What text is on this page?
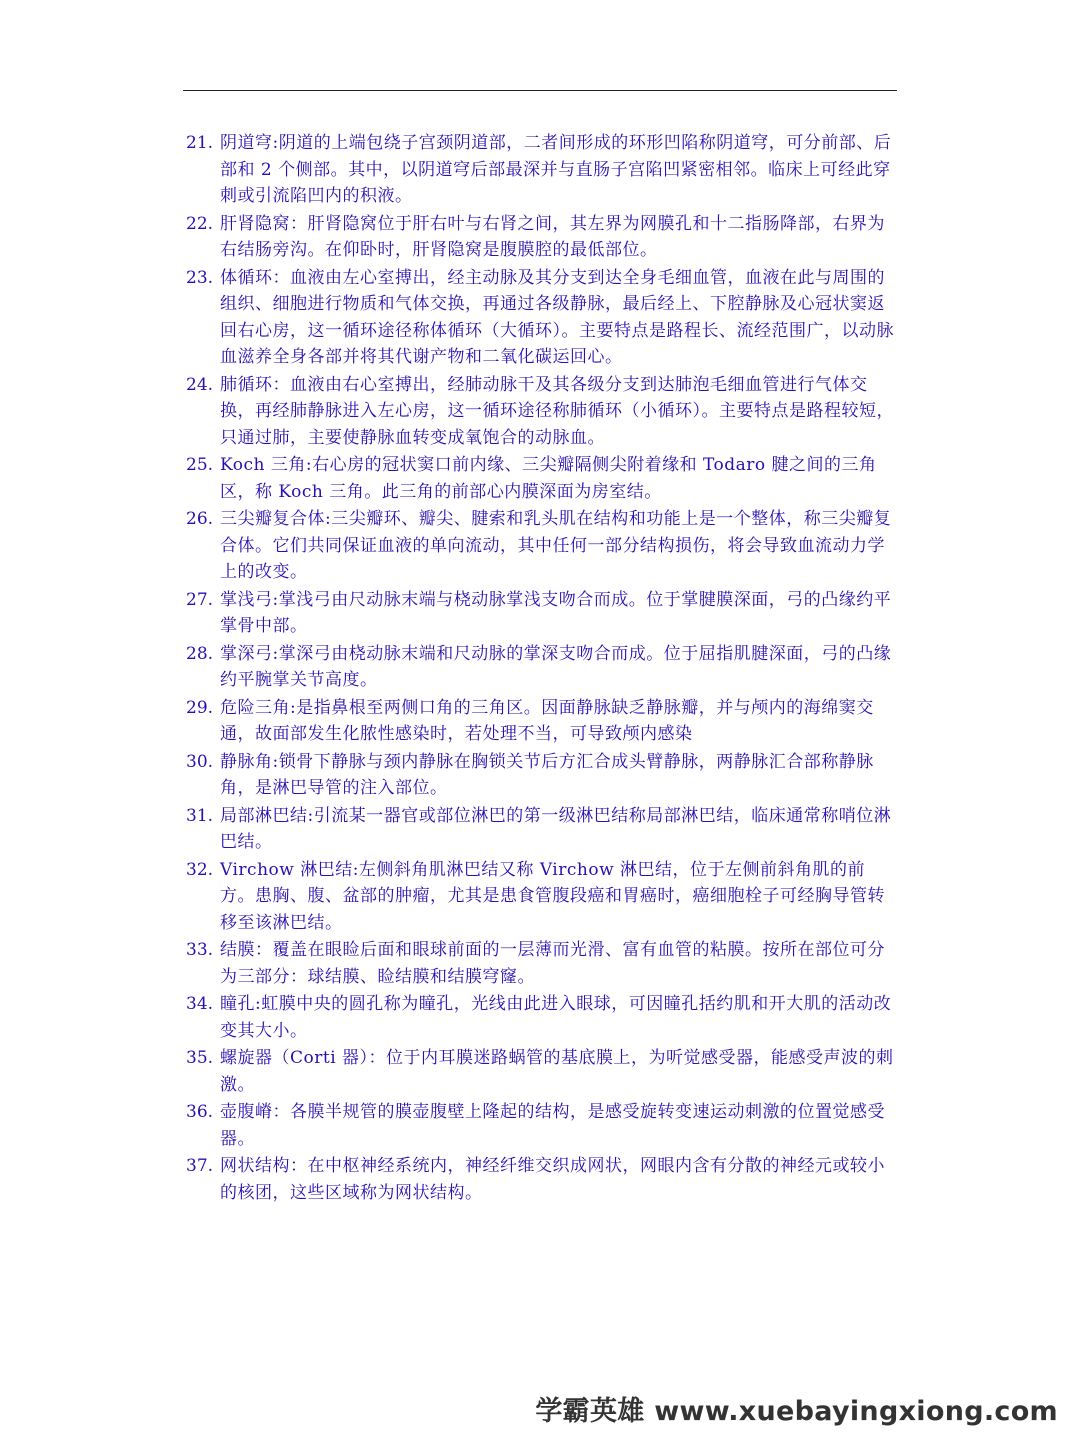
21. 阴道穹:阴道的上端包绕子宫颈阴道部，二者间形成的环形凹陷称阴道穹，可分前部、后部和 2 个侧部。其中，以阴道穹后部最深并与直肠子宫陷凹紧密相邻。临床上可经此穿刺或引流陷凹内的积液。
22. 肝肾隐窝：肝肾隐窝位于肝右叶与右肾之间，其左界为网膜孔和十二指肠降部，右界为右结肠旁沟。在仰卧时，肝肾隐窝是腹膜腔的最低部位。
23. 体循环：血液由左心室搏出，经主动脉及其分支到达全身毛细血管，血液在此与周围的组织、细胞进行物质和气体交换，再通过各级静脉，最后经上、下腔静脉及心冠状窦返回右心房，这一循环途径称体循环（大循环）。主要特点是路程长、流经范围广，以动脉血滋养全身各部并将其代谢产物和二氧化碳运回心。
24. 肺循环：血液由右心室搏出，经肺动脉干及其各级分支到达肺泡毛细血管进行气体交换，再经肺静脉进入左心房，这一循环途径称肺循环（小循环）。主要特点是路程较短，只通过肺，主要使静脉血转变成氧饱合的动脉血。
25. Koch 三角:右心房的冠状窦口前内缘、三尖瓣隔侧尖附着缘和 Todaro 腱之间的三角区，称 Koch 三角。此三角的前部心内膜深面为房室结。
26. 三尖瓣复合体:三尖瓣环、瓣尖、腱索和乳头肌在结构和功能上是一个整体，称三尖瓣复合体。它们共同保证血液的单向流动，其中任何一部分结构损伤，将会导致血流动力学上的改变。
27. 掌浅弓:掌浅弓由尺动脉末端与桡动脉掌浅支吻合而成。位于掌腱膜深面，弓的凸缘约平掌骨中部。
28. 掌深弓:掌深弓由桡动脉末端和尺动脉的掌深支吻合而成。位于屈指肌腱深面，弓的凸缘约平腕掌关节高度。
29. 危险三角:是指鼻根至两侧口角的三角区。因面静脉缺乏静脉瓣，并与颅内的海绵窦交通，故面部发生化脓性感染时，若处理不当，可导致颅内感染
30. 静脉角:锁骨下静脉与颈内静脉在胸锁关节后方汇合成头臂静脉，两静脉汇合部称静脉角，是淋巴导管的注入部位。
31. 局部淋巴结:引流某一器官或部位淋巴的第一级淋巴结称局部淋巴结，临床通常称哨位淋巴结。
32. Virchow 淋巴结:左侧斜角肌淋巴结又称 Virchow 淋巴结，位于左侧前斜角肌的前方。患胸、腹、盆部的肿瘤，尤其是患食管腹段癌和胃癌时，癌细胞栓子可经胸导管转移至该淋巴结。
33. 结膜：覆盖在眼睑后面和眼球前面的一层薄而光滑、富有血管的粘膜。按所在部位可分为三部分：球结膜、睑结膜和结膜穹窿。
34. 瞳孔:虹膜中央的圆孔称为瞳孔，光线由此进入眼球，可因瞳孔括约肌和开大肌的活动改变其大小。
35. 螺旋器（Corti 器）：位于内耳膜迷路蜗管的基底膜上，为听觉感受器，能感受声波的刺激。
36. 壶腹嵴：各膜半规管的膜壶腹壁上隆起的结构，是感受旋转变速运动刺激的位置觉感受器。
37. 网状结构：在中枢神经系统内，神经纤维交织成网状，网眼内含有分散的神经元或较小的核团，这些区域称为网状结构。
学霸英雄 www.xuebayingxiong.com
